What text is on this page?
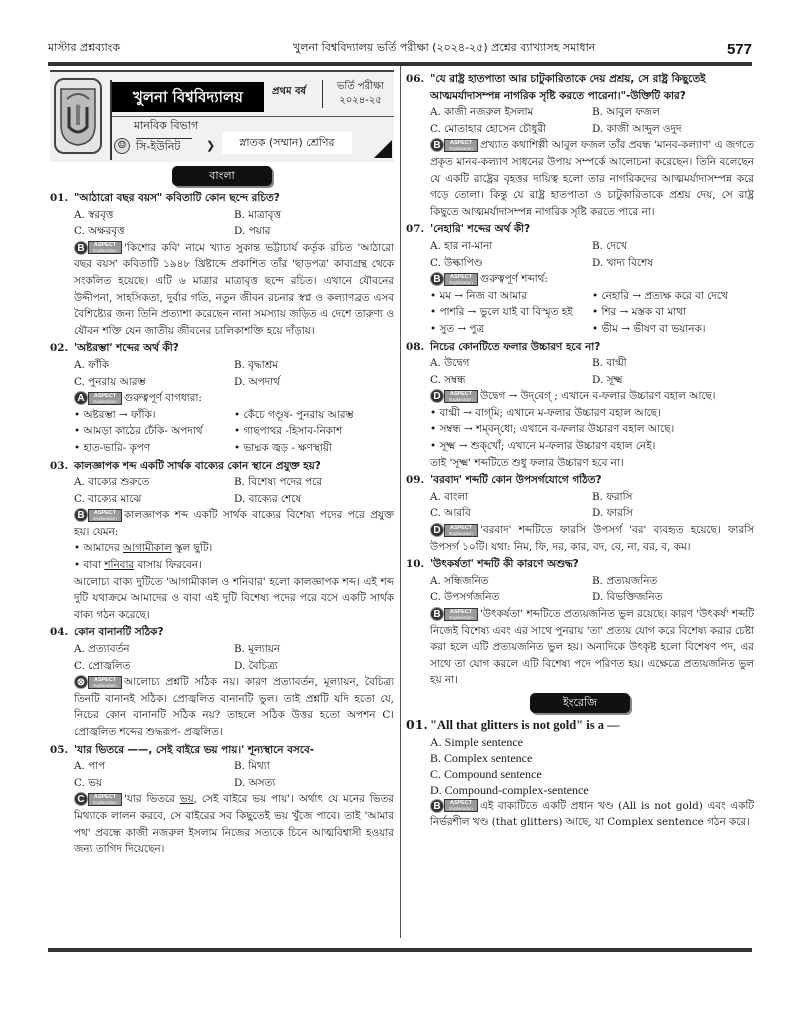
মাস্টার প্রশ্নব্যাংক	খুলনা বিশ্ববিদ্যালয় ভর্তি পরীক্ষা (২০২৪-২৫) প্রশ্নের ব্যাখ্যাসহ সমাধান	577
খুলনা বিশ্ববিদ্যালয়	প্রথম বর্ষ	ভর্তি পরীক্ষা
২০২৪-২৫
মানবিক বিভাগ
☺ সি-ইউনিট	❯	স্নাতক (সম্মান) শ্রেণির
বাংলা
01. "আঠারো বছর বয়স" কবিতাটি কোন ছন্দে রচিত?
A. স্বরবৃত্ত	B. মাত্রাবৃত্ত
C. অক্ষরবৃত্ত	D. পয়ার
B	ASPECT
Explanation 'কিশোর কবি' নামে খ্যাত সুকান্ত ভট্টাচার্য কর্তৃক রচিত 'আঠারো বছর বয়স' কবিতাটি ১৯৪৮ খ্রিষ্টাব্দে প্রকাশিত তাঁর 'ছাড়পত্র' কাব্যগ্রন্থ থেকে সংকলিত হয়েছে। এটি ৬ মাত্রার মাত্রাবৃত্ত ছন্দে রচিত। এখানে যৌবনের উদ্দীপনা, সাহসিকতা, দুর্বার গতি, নতুন জীবন রচনার স্বপ্ন ও কল্যাণব্রত এসব বৈশিষ্ট্যের জন্য তিনি প্রত্যাশা করেছেন নানা সমস্যায় জড়িত এ দেশে তারুণ্য ও যৌবন শক্তি যেন জাতীয় জীবনের চালিকাশক্তি হয়ে দাঁড়ায়।
02. 'অষ্টরম্ভা' শব্দের অর্থ কী?
A. ফাঁকি	B. বৃদ্ধাশ্রম
C. পুনরায় আরম্ভ	D. অপদার্থ
A	ASPECT
Explanation গুরুত্বপূর্ণ বাগধারা:
• অষ্টরম্ভা → ফাঁকি।	• কেঁচে গণ্ডূষ- পুনরায় আরম্ভ
• আমড়া কাঠের ঢেঁকি- অপদার্থ	• গাছপাথর -হিসাব-নিকাশ
• হাত-ভারি- কৃপণ	• ভাদ্মক জ্বড় - ক্ষণস্থায়ী
03. কালজ্ঞাপক শব্দ একটি সার্থক বাক্যের কোন স্থানে প্রযুক্ত হয়?
A. বাক্যের শুরুতে	B. বিশেষ্য পদের পরে
C. বাক্যের মাঝে	D. বাক্যের শেষে
B	ASPECT
Explanation কালজ্ঞাপক শব্দ একটি সার্থক বাক্যের বিশেষ্য পদের পরে প্রযুক্ত হয়। যেমন:
• আমাদের আগামীকাল স্কুল ছুটি।
• বাবা শনিবার বাসায় ফিরবেন।
আলোচ্য বাক্য দুটিতে 'আগামীকাল ও শনিবার' হলো কালজ্ঞাপক শব্দ। এই শব্দ দুটি যথাক্রমে আমাদের ও বাবা এই দুটি বিশেষ্য পদের পরে বসে একটি সার্থক বাক্য গঠন করেছে।
04. কোন বানানটি সঠিক?
A. প্রত্যাবর্তন	B. মূল্যায়ন
C. প্রোজ্বলিত	D. বৈচিত্র্য
⊗	ASPECT
Explanation আলোচ্য প্রশ্নটি সঠিক নয়। কারণ প্রত্যাবর্তন, মূল্যায়ন, বৈচিত্র্য তিনটি বানানই সঠিক। প্রোজ্বলিত বানানটি ভুল। তাই প্রশ্নটি যদি হতো যে, নিচের কোন বানানটি সঠিক নয়? তাহলে সঠিক উত্তর হতো অপশন C। প্রোজ্বলিত শব্দের শুদ্ধরূপ- প্রজ্বলিত।
05. 'যার ভিতরে ——, সেই বাইরে ভয় পায়।' শূন্যস্থানে বসবে-
A. পাপ	B. মিথ্যা
C. ভয়	D. অসত্য
C	ASPECT
Explanation 'যার ভিতরে ভয়, সেই বাইরে ভয় পায়'। অর্থাৎ যে মনের ভিতর মিথ্যাকে লালন করবে, সে বাইরের সব কিছুতেই ভয় খুঁজে পাবে। তাই 'আমার পথ' প্রবন্ধে কাজী নজরুল ইসলাম নিজের সত্যকে চিনে আত্মবিশ্বাসী হওয়ার জন্য তাগিদ দিয়েছেন।
06. "যে রাষ্ট্র হাতপাতা আর চাটুকারিতাকে দেয় প্রশ্রয়, সে রাষ্ট্র কিছুতেই আত্মমর্যাদাসম্পন্ন নাগরিক সৃষ্টি করতে পারেনা।"-উক্তিটি কার?
A. কাজী নজরুল ইসলাম	B. আবুল ফজল
C. মোতাহার হোসেন চৌধুরী	D. কাজী আব্দুল ওদুদ
B	ASPECT
Explanation প্রখ্যাত কথাশিল্পী আবুল ফজল তাঁর প্রবন্ধ 'মানব-কল্যাণ' এ জগতে প্রকৃত মানব-কল্যাণ সাধনের উপায় সম্পর্কে আলোচনা করেছেন। তিনি বলেছেন যে একটি রাষ্ট্রের বৃহত্তর দায়িত্ব হলো তার নাগরিকদের আত্মমর্যাদাসম্পন্ন করে গড়ে তোলা। কিন্তু যে রাষ্ট্র হাতপাতা ও চাটুকারিতাকে প্রশ্রয় দেয়, সে রাষ্ট্র কিছুতে আত্মমর্যাদাসম্পন্ন নাগরিক সৃষ্টি করতে পারে না।
07. 'নেহারি' শব্দের অর্থ কী?
A. হার না-মানা	B. দেখে
C. উল্কাপিণ্ড	D. খাদ্য বিশেষ
B	ASPECT
Explanation গুরুত্বপূর্ণ শব্দার্থ:
• মম → নিজ বা আমার	• নেহারি → প্রত্যক্ষ করে বা দেখে
• পাশরি → ভুলে যাই বা বিস্মৃত হই	• শির → মস্তক বা মাথা
• সুত → পুত্র	• ভীম → ভীষণ বা ভয়ানক।
08. নিচের কোনটিতে ফলার উচ্চারণ হবে না?
A. উদ্বেগ	B. বাগ্মী
C. সম্বন্ধ	D. সূক্ষ্ম
D	ASPECT
Explanation উদ্বেগ → উদ্‌বেগ্ ; এখানে ব-ফলার উচ্চারণ বহাল আছে।
• বাগ্মী → বাগ্‌মি; এখানে ম-ফলার উচ্চারণ বহাল আছে।
• সম্বন্ধ → শম্‌বন্‌ধো; এখানে ব-ফলার উচ্চারণ বহাল আছে।
• সূক্ষ্ম → শুক্‌খোঁ; এখানে ম-ফলার উচ্চারণ বহাল নেই।
তাই 'সূক্ষ্ম' শব্দটিতে শুধু ফলার উচ্চারণ হবে না।
09. 'বরবাদ' শব্দটি কোন উপসর্গযোগে গঠিত?
A. বাংলা	B. ফরাসি
C. আরবি	D. ফারসি
D	ASPECT
Explanation 'বরবাদ' শব্দটিতে ফারসি উপসর্গ 'বর' ব্যবহৃত হয়েছে। ফারসি উপসর্গ ১০টি। যথা: নিম, ফি, দর, কার, বদ, বে, না, বর, ব, কম।
10. 'উৎকর্ষতা' শব্দটি কী কারণে অশুদ্ধ?
A. সন্ধিজনিত	B. প্রত্যয়জনিত
C. উপসর্গজনিত	D. বিভক্তিজনিত
B	ASPECT
Explanation 'উৎকর্ষতা' শব্দটিতে প্রত্যয়জনিত ভুল রয়েছে। কারণ 'উৎকর্ষ' শব্দটি নিজেই বিশেষ্য এবং এর সাথে পুনরায় 'তা' প্রত্যয় যোগ করে বিশেষ্য করার চেষ্টা করা হলে এটি প্রত্যয়জনিত ভুল হয়। অন্যদিকে উৎকৃষ্ট হলো বিশেষণ পদ, এর সাথে তা যোগ করলে এটি বিশেষ্য পদে পরিণত হয়। এক্ষেত্রে প্রত্যয়জনিত ভুল হয় না।
ইংরেজি
01. "All that glitters is not gold" is a —
A. Simple sentence
B. Complex sentence
C. Compound sentence
D. Compound-complex-sentence
B	ASPECT
Explanation এই বাক্যটিতে একটি প্রধান খণ্ড (All is not gold) এবং একটি নির্ভরশীল খণ্ড (that glitters) আছে, যা Complex sentence গঠন করে।
